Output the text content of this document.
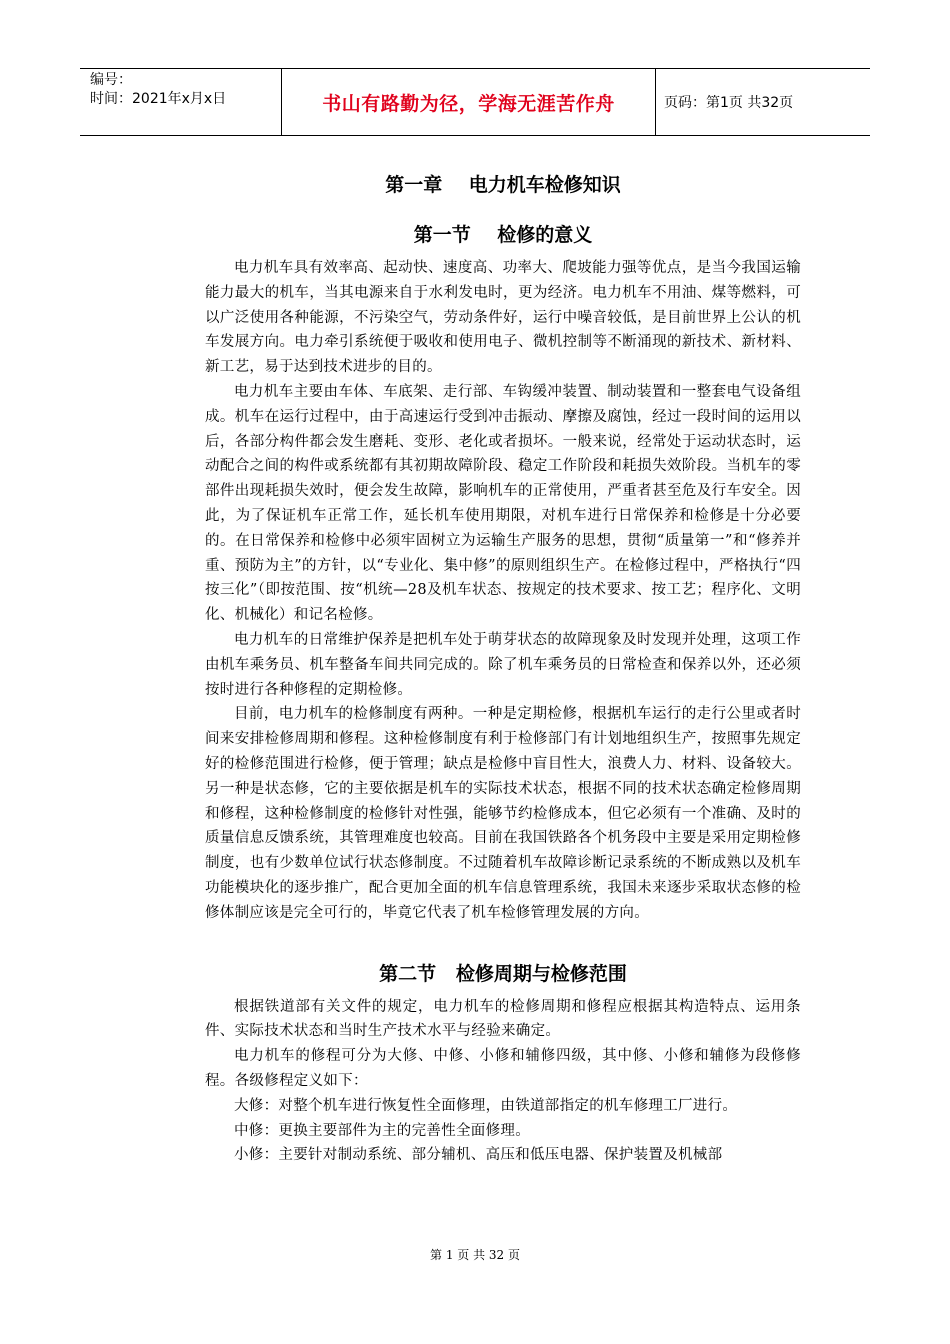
编号：
时间：2021年x月x日	书山有路勤为径，学海无涯苦作舟	页码：第1页 共32页
第一章    电力机车检修知识
第一节    检修的意义

电力机车具有效率高、起动快、速度高、功率大、爬坡能力强等优点，是当今我国运输能力最大的机车，当其电源来自于水利发电时，更为经济。电力机车不用油、煤等燃料，可以广泛使用各种能源，不污染空气，劳动条件好，运行中噪音较低，是目前世界上公认的机车发展方向。电力牵引系统便于吸收和使用电子、微机控制等不断涌现的新技术、新材料、新工艺，易于达到技术进步的目的。

电力机车主要由车体、车底架、走行部、车钩缓冲装置、制动装置和一整套电气设备组成。机车在运行过程中，由于高速运行受到冲击振动、摩擦及腐蚀，经过一段时间的运用以后，各部分构件都会发生磨耗、变形、老化或者损坏。一般来说，经常处于运动状态时，运动配合之间的构件或系统都有其初期故障阶段、稳定工作阶段和耗损失效阶段。当机车的零部件出现耗损失效时，便会发生故障，影响机车的正常使用，严重者甚至危及行车安全。因此，为了保证机车正常工作，延长机车使用期限，对机车进行日常保养和检修是十分必要的。在日常保养和检修中必须牢固树立为运输生产服务的思想，贯彻“质量第一”和“修养并重、预防为主”的方针，以“专业化、集中修”的原则组织生产。在检修过程中，严格执行“四按三化”（即按范围、按“机统—28及机车状态、按规定的技术要求、按工艺；程序化、文明化、机械化）和记名检修。

电力机车的日常维护保养是把机车处于萌芽状态的故障现象及时发现并处理，这项工作由机车乘务员、机车整备车间共同完成的。除了机车乘务员的日常检查和保养以外，还必须按时进行各种修程的定期检修。

目前，电力机车的检修制度有两种。一种是定期检修，根据机车运行的走行公里或者时间来安排检修周期和修程。这种检修制度有利于检修部门有计划地组织生产，按照事先规定好的检修范围进行检修，便于管理；缺点是检修中盲目性大，浪费人力、材料、设备较大。另一种是状态修，它的主要依据是机车的实际技术状态，根据不同的技术状态确定检修周期和修程，这种检修制度的检修针对性强，能够节约检修成本，但它必须有一个准确、及时的质量信息反馈系统，其管理难度也较高。目前在我国铁路各个机务段中主要是采用定期检修制度，也有少数单位试行状态修制度。不过随着机车故障诊断记录系统的不断成熟以及机车功能模块化的逐步推广，配合更加全面的机车信息管理系统，我国未来逐步采取状态修的检修体制应该是完全可行的，毕竟它代表了机车检修管理发展的方向。

第二节   检修周期与检修范围

根据铁道部有关文件的规定，电力机车的检修周期和修程应根据其构造特点、运用条件、实际技术状态和当时生产技术水平与经验来确定。

电力机车的修程可分为大修、中修、小修和辅修四级，其中修、小修和辅修为段修修程。各级修程定义如下：

大修：对整个机车进行恢复性全面修理，由铁道部指定的机车修理工厂进行。

中修：更换主要部件为主的完善性全面修理。

小修：主要针对制动系统、部分辅机、高压和低压电器、保护装置及机械部

第 1 页 共 32 页
